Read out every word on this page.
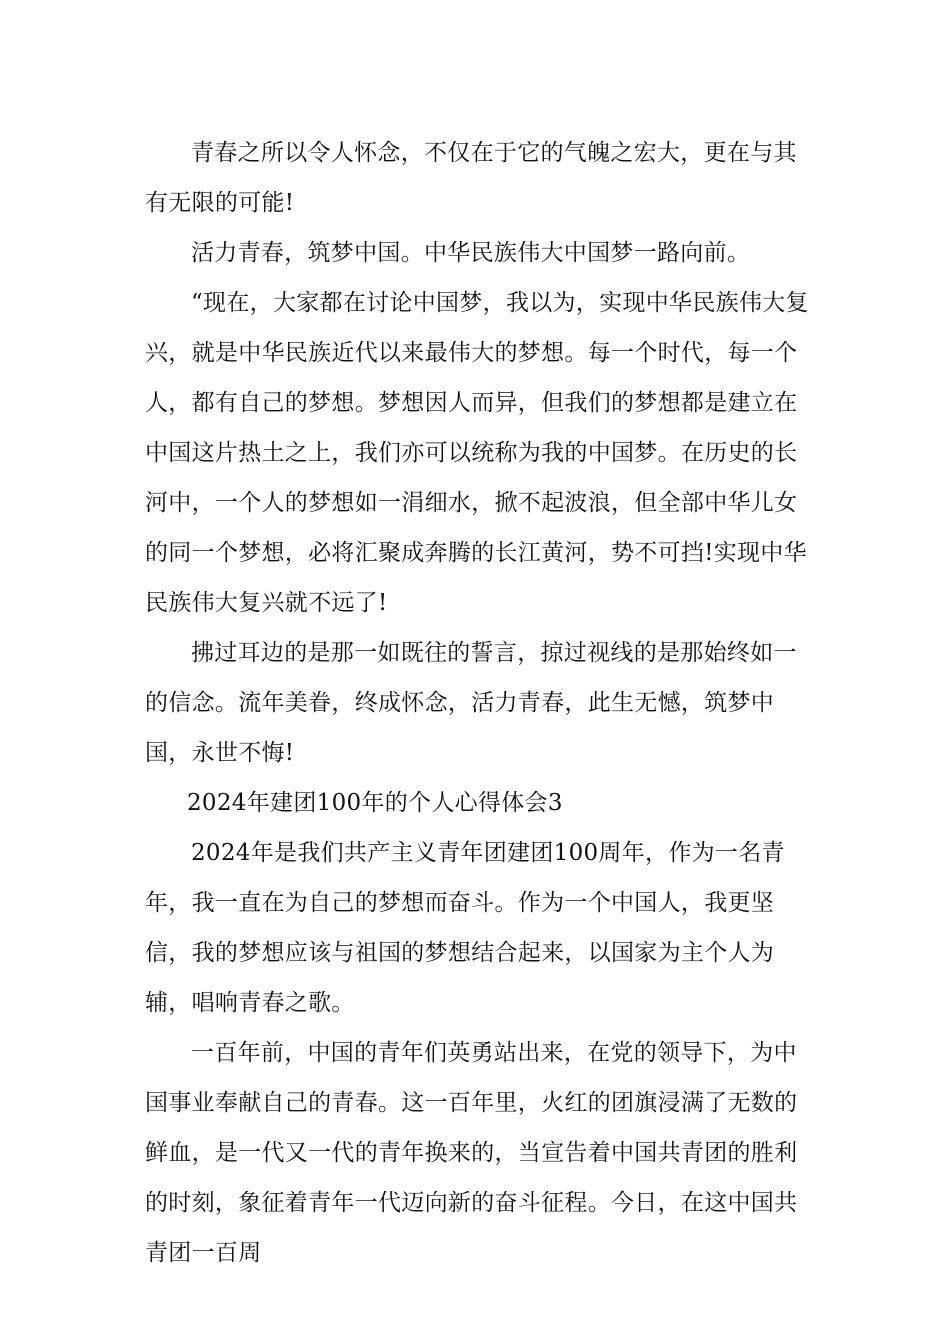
青春之所以令人怀念，不仅在于它的气魄之宏大，更在与其有无限的可能!

活力青春，筑梦中国。中华民族伟大中国梦一路向前。

“现在，大家都在讨论中国梦，我以为，实现中华民族伟大复兴，就是中华民族近代以来最伟大的梦想。每一个时代，每一个人，都有自己的梦想。梦想因人而异，但我们的梦想都是建立在中国这片热土之上，我们亦可以统称为我的中国梦。在历史的长河中，一个人的梦想如一涓细水，掀不起波浪，但全部中华儿女的同一个梦想，必将汇聚成奔腾的长江黄河，势不可挡!实现中华民族伟大复兴就不远了!

拂过耳边的是那一如既往的誓言，掠过视线的是那始终如一的信念。流年美眷，终成怀念，活力青春，此生无憾，筑梦中国，永世不悔!

2024年建团100年的个人心得体会3

2024年是我们共产主义青年团建团100周年，作为一名青年，我一直在为自己的梦想而奋斗。作为一个中国人，我更坚信，我的梦想应该与祖国的梦想结合起来，以国家为主个人为辅，唱响青春之歌。

一百年前，中国的青年们英勇站出来，在党的领导下，为中国事业奉献自己的青春。这一百年里，火红的团旗浸满了无数的鲜血，是一代又一代的青年换来的，当宣告着中国共青团的胜利的时刻，象征着青年一代迈向新的奋斗征程。今日，在这中国共青团一百周
